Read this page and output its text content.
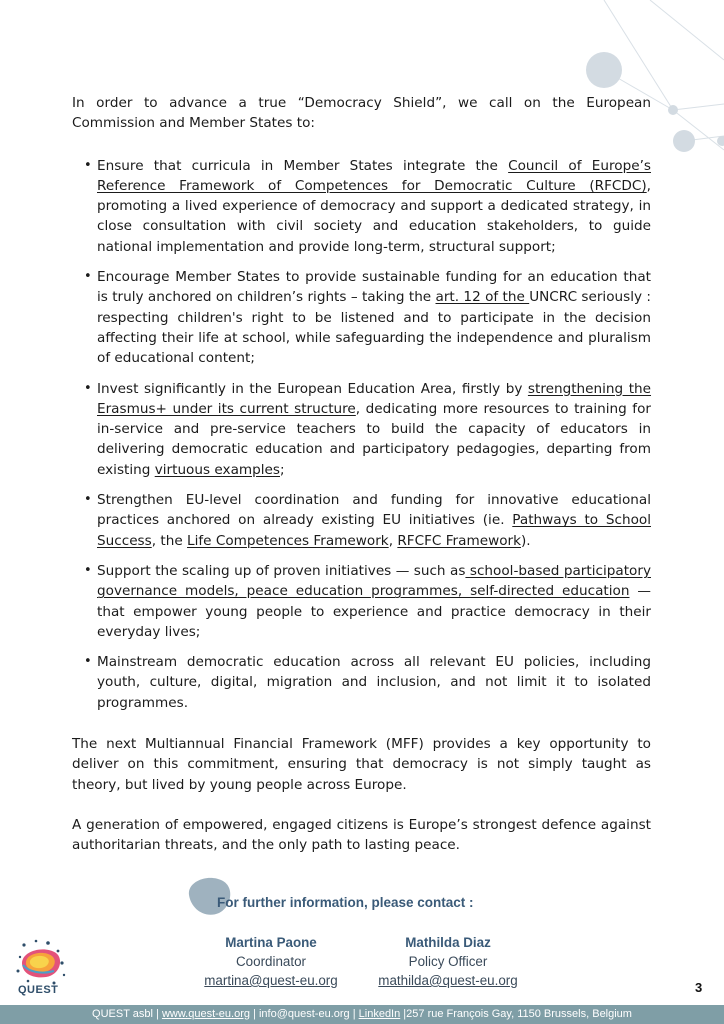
In order to advance a true “Democracy Shield”, we call on the European Commission and Member States to:

• Ensure that curricula in Member States integrate the Council of Europe’s Reference Framework of Competences for Democratic Culture (RFCDC), promoting a lived experience of democracy and support a dedicated strategy, in close consultation with civil society and education stakeholders, to guide national implementation and provide long-term, structural support;
• Encourage Member States to provide sustainable funding for an education that is truly anchored on children’s rights – taking the art. 12 of the UNCRC seriously : respecting children's right to be listened and to participate in the decision affecting their life at school, while safeguarding the independence and pluralism of educational content;
• Invest significantly in the European Education Area, firstly by strengthening the Erasmus+ under its current structure, dedicating more resources to training for in-service and pre-service teachers to build the capacity of educators in delivering democratic education and participatory pedagogies, departing from existing virtuous examples;
• Strengthen EU-level coordination and funding for innovative educational practices anchored on already existing EU initiatives (ie. Pathways to School Success, the Life Competences Framework, RFCFC Framework).
• Support the scaling up of proven initiatives — such as school-based participatory governance models, peace education programmes, self-directed education — that empower young people to experience and practice democracy in their everyday lives;
• Mainstream democratic education across all relevant EU policies, including youth, culture, digital, migration and inclusion, and not limit it to isolated programmes.

The next Multiannual Financial Framework (MFF) provides a key opportunity to deliver on this commitment, ensuring that democracy is not simply taught as theory, but lived by young people across Europe.

A generation of empowered, engaged citizens is Europe’s strongest defence against authoritarian threats, and the only path to lasting peace.

For further information, please contact :
Martina Paone
Coordinator
martina@quest-eu.org
Mathilda Diaz
Policy Officer
mathilda@quest-eu.org
QUEST	3
QUEST asbl | www.quest-eu.org | info@quest-eu.org | LinkedIn |257 rue François Gay, 1150 Brussels, Belgium
